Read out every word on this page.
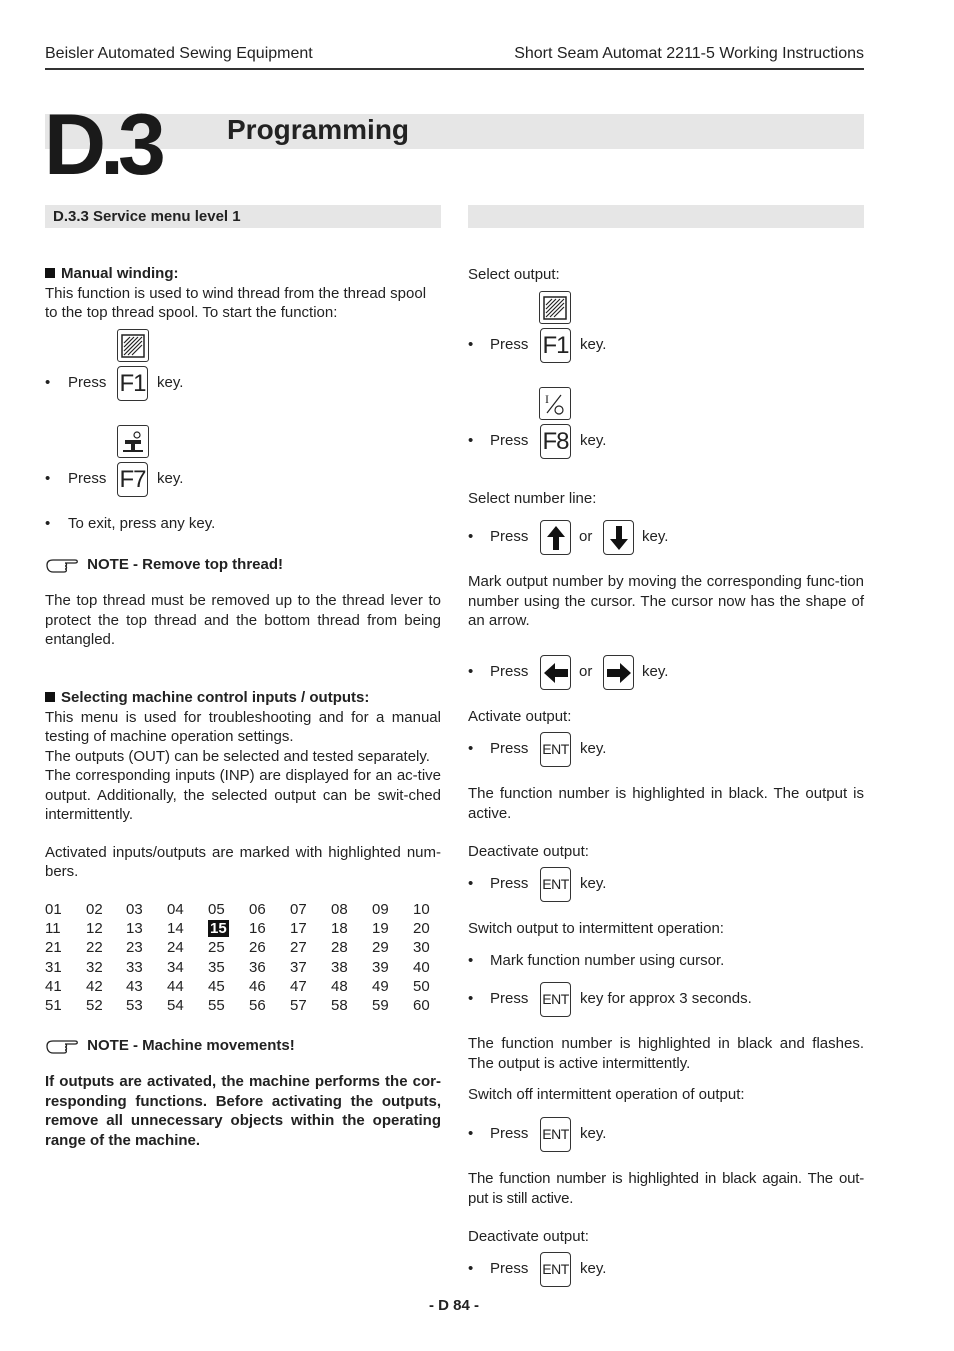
Beisler Automated Sewing Equipment	Short Seam Automat 2211-5 Working Instructions
D.3 Programming
D.3.3 Service menu level 1

Manual winding:

This function is used to wind thread from the thread spool to the top thread spool. To start the function:

• Press F1 key.
• Press F7 key.
• To exit, press any key.
NOTE - Remove top thread!
The top thread must be removed up to the thread lever to protect the top thread and the bottom thread from being entangled.

Selecting machine control inputs / outputs:

This menu is used for troubleshooting and for a manual testing of machine operation settings.

The outputs (OUT) can be selected and tested separately.

The corresponding inputs (INP) are displayed for an ac-tive output. Additionally, the selected output can be swit-ched intermittently.

Activated inputs/outputs are marked with highlighted num-bers.

01	02	03	04	05	06	07	08	09	10
11	12	13	14	15	16	17	18	19	20
21	22	23	24	25	26	27	28	29	30
31	32	33	34	35	36	37	38	39	40
41	42	43	44	45	46	47	48	49	50
51	52	53	54	55	56	57	58	59	60
NOTE - Machine movements!
If outputs are activated, the machine performs the cor-responding functions. Before activating the outputs, remove all unnecessary objects within the operating range of the machine.
Select output:
• Press F1 key.
I
• Press F8 key.
Select number line:
• Press	or	key.
Mark output number by moving the corresponding func-tion number using the cursor. The cursor now has the shape of an arrow.
• Press	or	key.
Activate output:
• Press ENT key.
The function number is highlighted in black. The output is active.
Deactivate output:
• Press ENT key.
Switch output to intermittent operation:
• Mark function number using cursor.
• Press ENT key for approx 3 seconds.
The function number is highlighted in black and flashes. The output is active intermittently.
Switch off intermittent operation of output:
• Press ENT key.
The function number is highlighted in black again. The out-put is still active.
Deactivate output:
• Press ENT key.
- D 84 -
